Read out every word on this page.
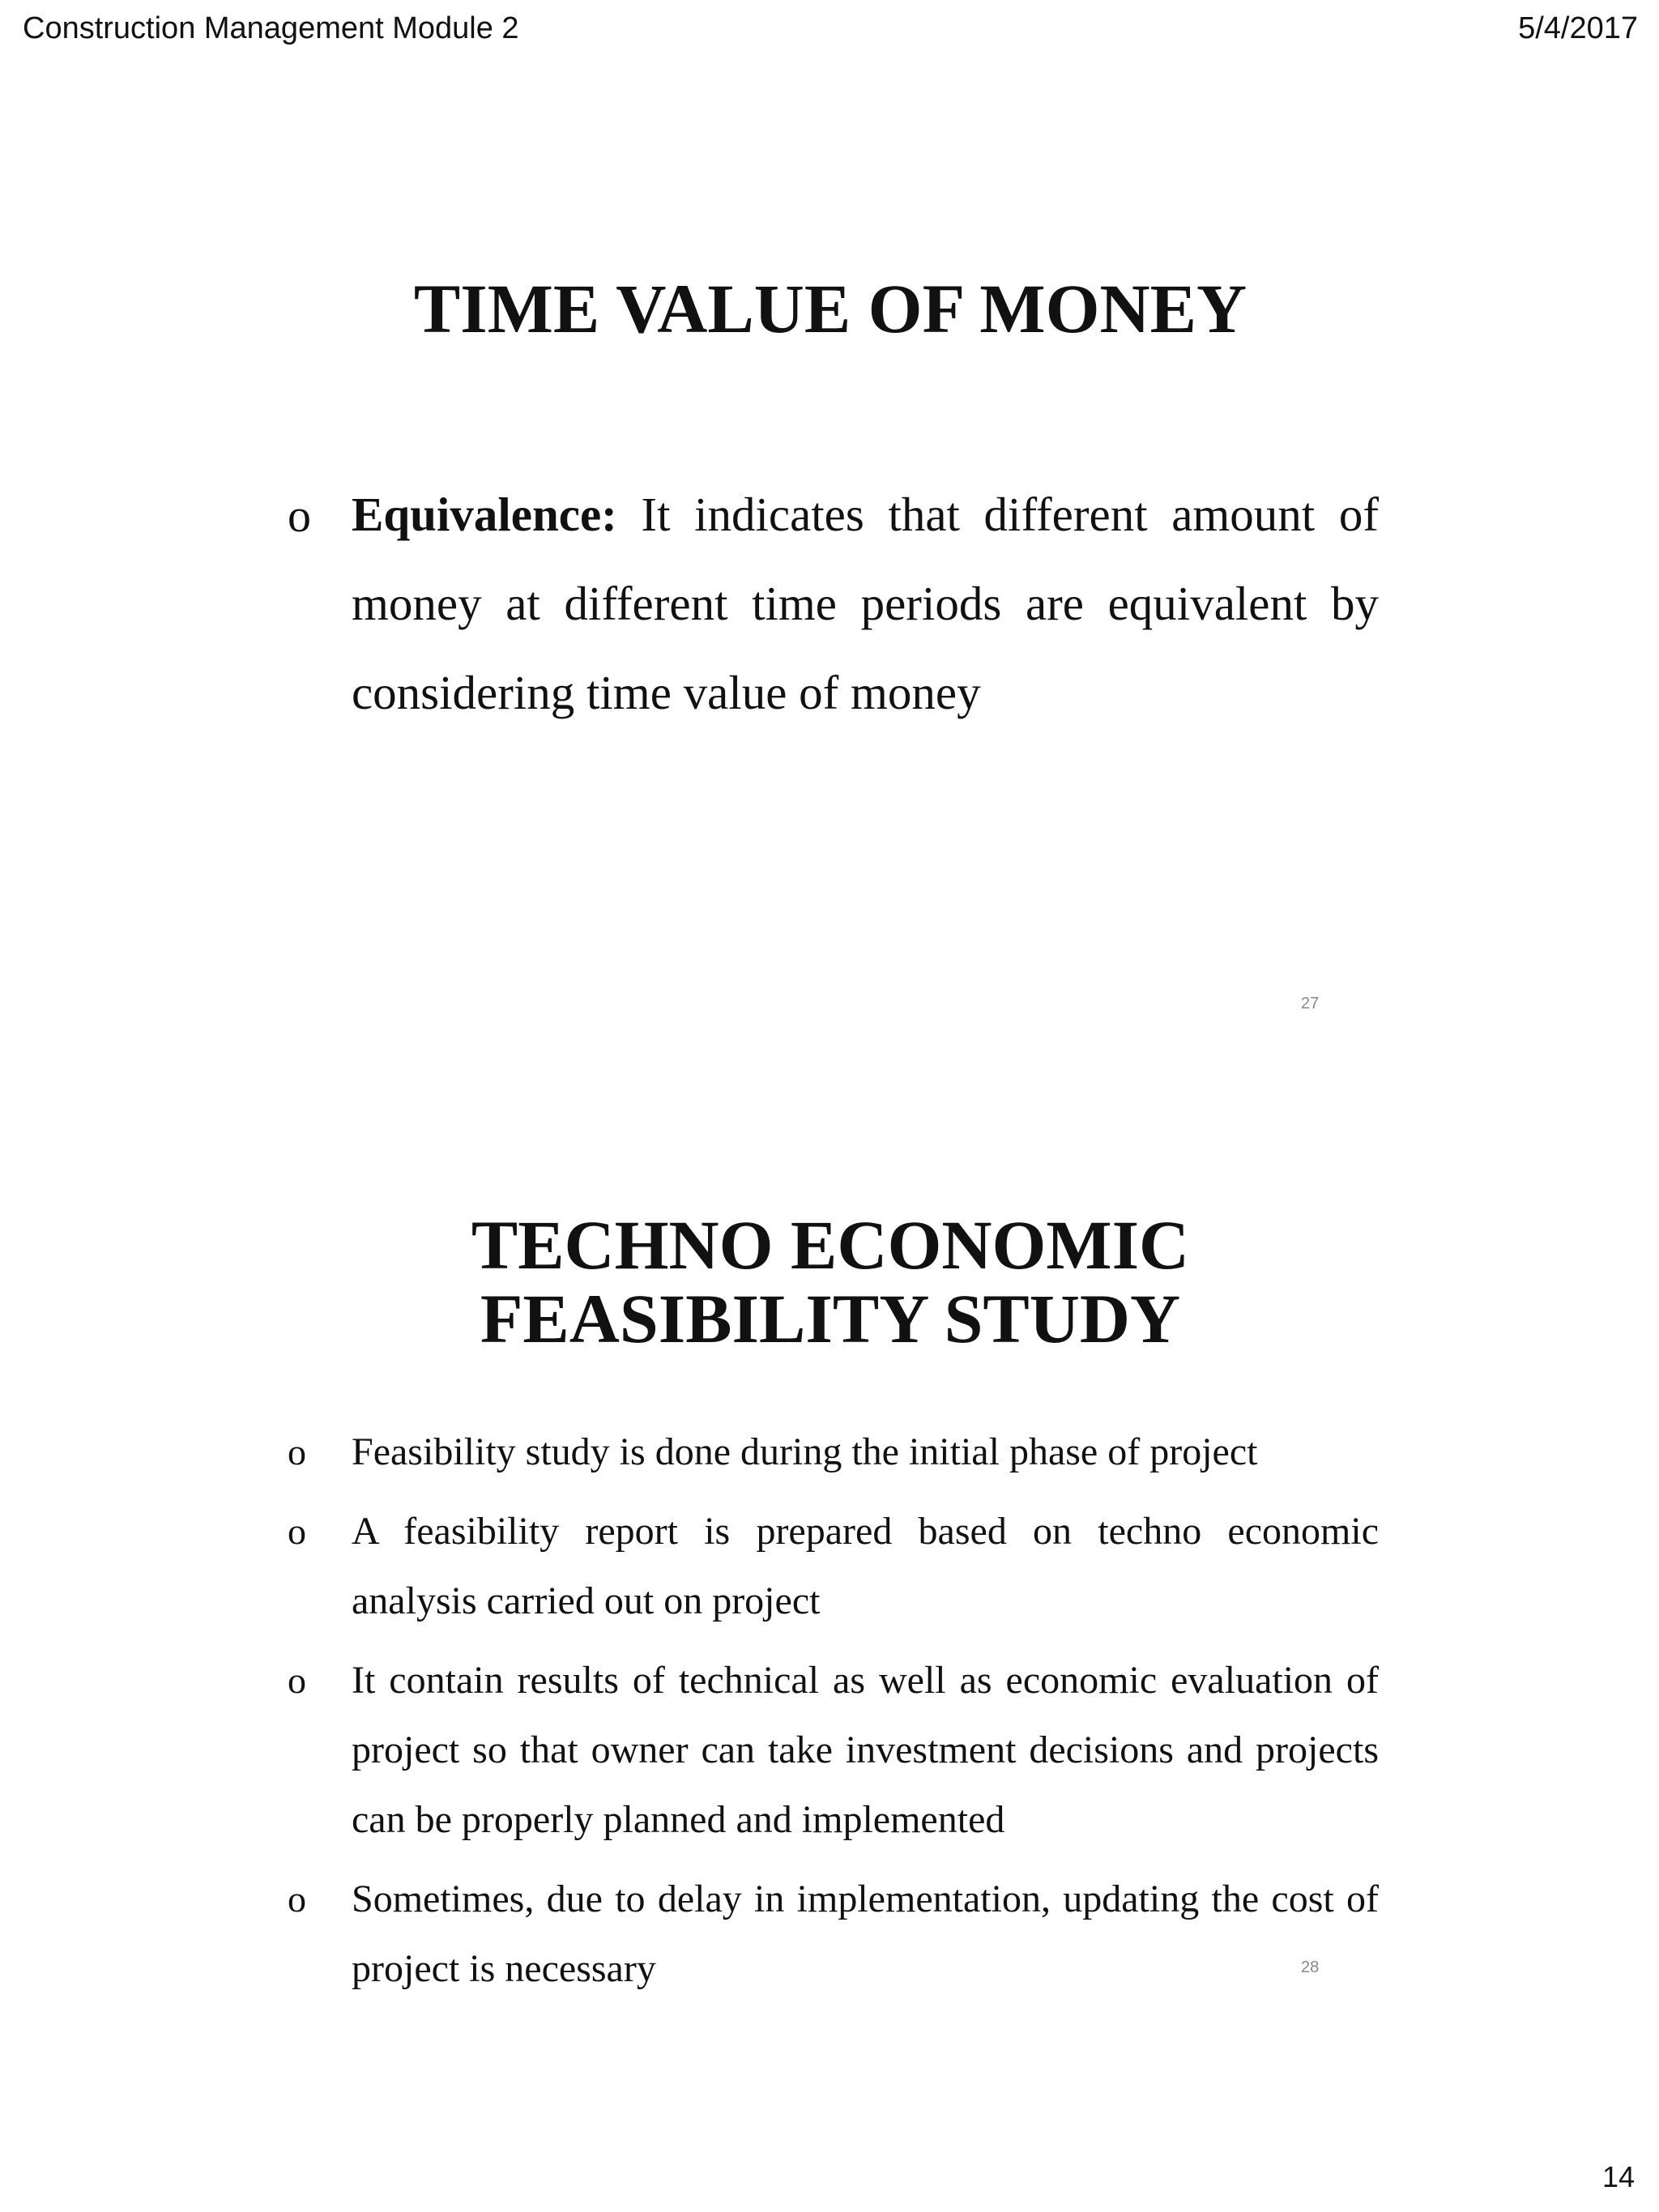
Construction Management Module 2	5/4/2017
TIME VALUE OF MONEY
o Equivalence: It indicates that different amount of money at different time periods are equivalent by considering time value of money
27
TECHNO ECONOMIC FEASIBILITY STUDY
o Feasibility study is done during the initial phase of project
o A feasibility report is prepared based on techno economic analysis carried out on project
o It contain results of technical as well as economic evaluation of project so that owner can take investment decisions and projects can be properly planned and implemented
o Sometimes, due to delay in implementation, updating the cost of project is necessary	28
14
